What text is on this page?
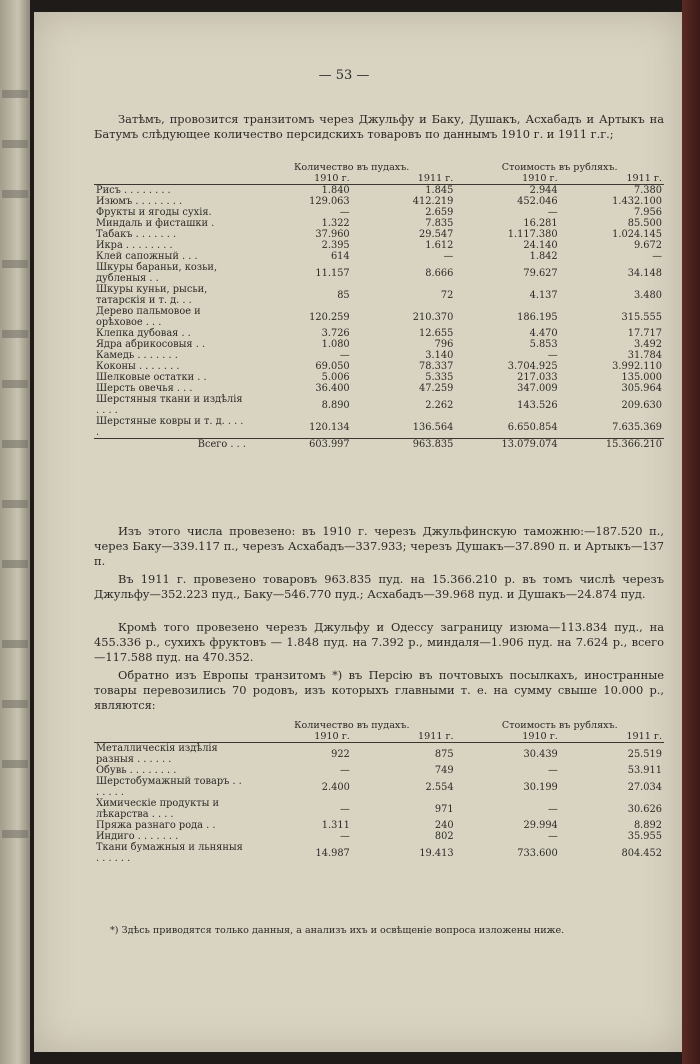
— 53 —
Затѣмъ, провозится транзитомъ через Джульфу и Баку, Душакъ, Асхабадъ и Артыкъ на Батумъ слѣдующее количество персидскихъ товаровъ по даннымъ 1910 г. и 1911 г.г.;
	Количество въ пудахъ.		Стоимость въ рубляхъ.	
	1910 г.	1911 г.	1910 г.	1911 г.
Рисъ . . . . . . . .	1.840	1.845	2.944	7.380
Изюмъ . . . . . . . .	129.063	412.219	452.046	1.432.100
Фрукты и ягоды сухія.	—	2.659	—	7.956
Миндаль и фисташки .	1.322	7.835	16.281	85.500
Табакъ . . . . . . .	37.960	29.547	1.117.380	1.024.145
Икра . . . . . . . .	2.395	1.612	24.140	9.672
Клей сапожный . . .	614	—	1.842	—
Шкуры бараньи, козьи, дубленыя . .	11.157	8.666	79.627	34.148
Шкуры куньи, рысьи, татарскія и т. д. . .	85	72	4.137	3.480
Дерево пальмовое и орѣховое . . .	120.259	210.370	186.195	315.555
Клепка дубовая . .	3.726	12.655	4.470	17.717
Ядра абрикосовыя . .	1.080	796	5.853	3.492
Камедь . . . . . . .	—	3.140	—	31.784
Коконы . . . . . . .	69.050	78.337	3.704.925	3.992.110
Шелковые остатки . .	5.006	5.335	217.033	135.000
Шерсть овечья . . .	36.400	47.259	347.009	305.964
Шерстяныя ткани и издѣлія . . . .	8.890	2.262	143.526	209.630
Шерстяные ковры и т. д. . . . .	120.134	136.564	6.650.854	7.635.369
Всего . . .	603.997	963.835	13.079.074	15.366.210
Изъ этого числа провезено: въ 1910 г. черезъ Джульфинскую таможню:—187.520 п., через Баку—339.117 п., черезъ Асхабадъ—337.933; черезъ Душакъ—37.890 п. и Артыкъ—137 п.
Въ 1911 г. провезено товаровъ 963.835 пуд. на 15.366.210 р. въ томъ числѣ черезъ Джульфу—352.223 пуд., Баку—546.770 пуд.; Асхабадъ—39.968 пуд. и Душакъ—24.874 пуд.
Кромѣ того провезено черезъ Джульфу и Одессу заграницу изюма—113.834 пуд., на 455.336 р., сухихъ фруктовъ — 1.848 пуд. на 7.392 р., миндаля—1.906 пуд. на 7.624 р., всего—117.588 пуд. на 470.352.
Обратно изъ Европы транзитомъ *) въ Персію въ почтовыхъ посылкахъ, иностранные товары перевозились 70 родовъ, изъ которыхъ главными т. е. на сумму свыше 10.000 р., являются:
	Количество въ пудахъ.		Стоимость въ рубляхъ.	
	1910 г.	1911 г.	1910 г.	1911 г.
Металлическія издѣлія разныя . . . . . .	922	875	30.439	25.519
Обувь . . . . . . . .	—	749	—	53.911
Шерстобумажный товаръ . . . . . . .	2.400	2.554	30.199	27.034
Химическіе продукты и лѣкарства . . . .	—	971	—	30.626
Пряжа разнаго рода . .	1.311	240	29.994	8.892
Индиго . . . . . . .	—	802	—	35.955
Ткани бумажныя и льняныя . . . . . .	14.987	19.413	733.600	804.452
*) Здѣсь приводятся только данныя, а анализъ ихъ и освѣщеніе вопроса изложены ниже.
